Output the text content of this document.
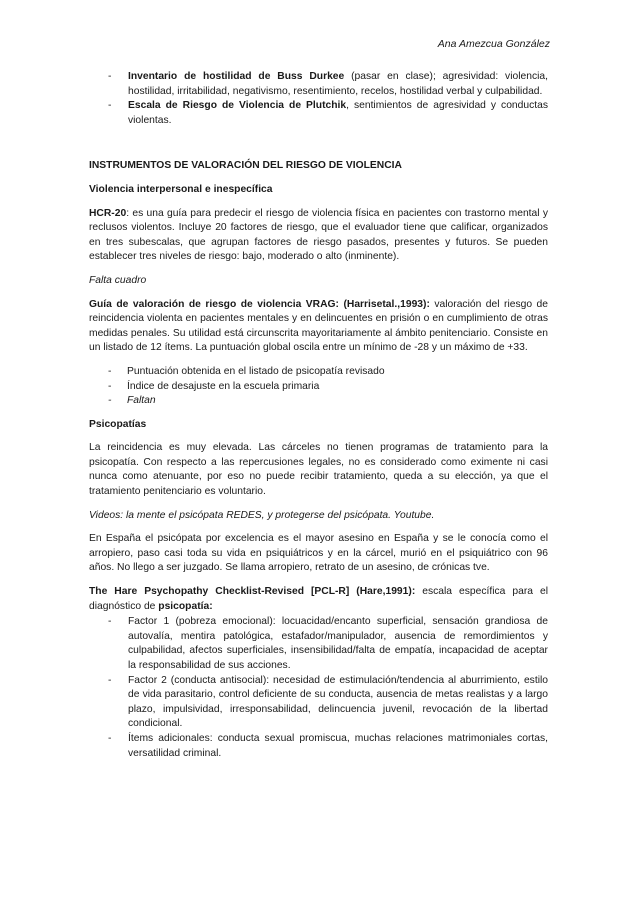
Ana Amezcua González
- Inventario de hostilidad de Buss Durkee (pasar en clase); agresividad: violencia, hostilidad, irritabilidad, negativismo, resentimiento, recelos, hostilidad verbal y culpabilidad.
- Escala de Riesgo de Violencia de Plutchik, sentimientos de agresividad y conductas violentas.
INSTRUMENTOS DE VALORACIÓN DEL RIESGO DE VIOLENCIA
Violencia interpersonal e inespecífica

HCR-20: es una guía para predecir el riesgo de violencia física en pacientes con trastorno mental y reclusos violentos. Incluye 20 factores de riesgo, que el evaluador tiene que calificar, organizados en tres subescalas, que agrupan factores de riesgo pasados, presentes y futuros. Se pueden establecer tres niveles de riesgo: bajo, moderado o alto (inminente).

Falta cuadro

Guía de valoración de riesgo de violencia VRAG: (Harrisetal.,1993): valoración del riesgo de reincidencia violenta en pacientes mentales y en delincuentes en prisión o en cumplimiento de otras medidas penales. Su utilidad está circunscrita mayoritariamente al ámbito penitenciario. Consiste en un listado de 12 ítems. La puntuación global oscila entre un mínimo de -28 y un máximo de +33.

- Puntuación obtenida en el listado de psicopatía revisado
- Índice de desajuste en la escuela primaria
- Faltan
Psicopatías

La reincidencia es muy elevada. Las cárceles no tienen programas de tratamiento para la psicopatía. Con respecto a las repercusiones legales, no es considerado como eximente ni casi nunca como atenuante, por eso no puede recibir tratamiento, queda a su elección, ya que el tratamiento penitenciario es voluntario.

Videos: la mente el psicópata REDES, y protegerse del psicópata. Youtube.

En España el psicópata por excelencia es el mayor asesino en España y se le conocía como el arropiero, paso casi toda su vida en psiquiátricos y en la cárcel, murió en el psiquiátrico con 96 años. No llego a ser juzgado. Se llama arropiero, retrato de un asesino, de crónicas tve.

The Hare Psychopathy Checklist-Revised [PCL-R] (Hare,1991): escala específica para el diagnóstico de psicopatía:

- Factor 1 (pobreza emocional): locuacidad/encanto superficial, sensación grandiosa de autovalía, mentira patológica, estafador/manipulador, ausencia de remordimientos y culpabilidad, afectos superficiales, insensibilidad/falta de empatía, incapacidad de aceptar la responsabilidad de sus acciones.
- Factor 2 (conducta antisocial): necesidad de estimulación/tendencia al aburrimiento, estilo de vida parasitario, control deficiente de su conducta, ausencia de metas realistas y a largo plazo, impulsividad, irresponsabilidad, delincuencia juvenil, revocación de la libertad condicional.
- Ítems adicionales: conducta sexual promiscua, muchas relaciones matrimoniales cortas, versatilidad criminal.
